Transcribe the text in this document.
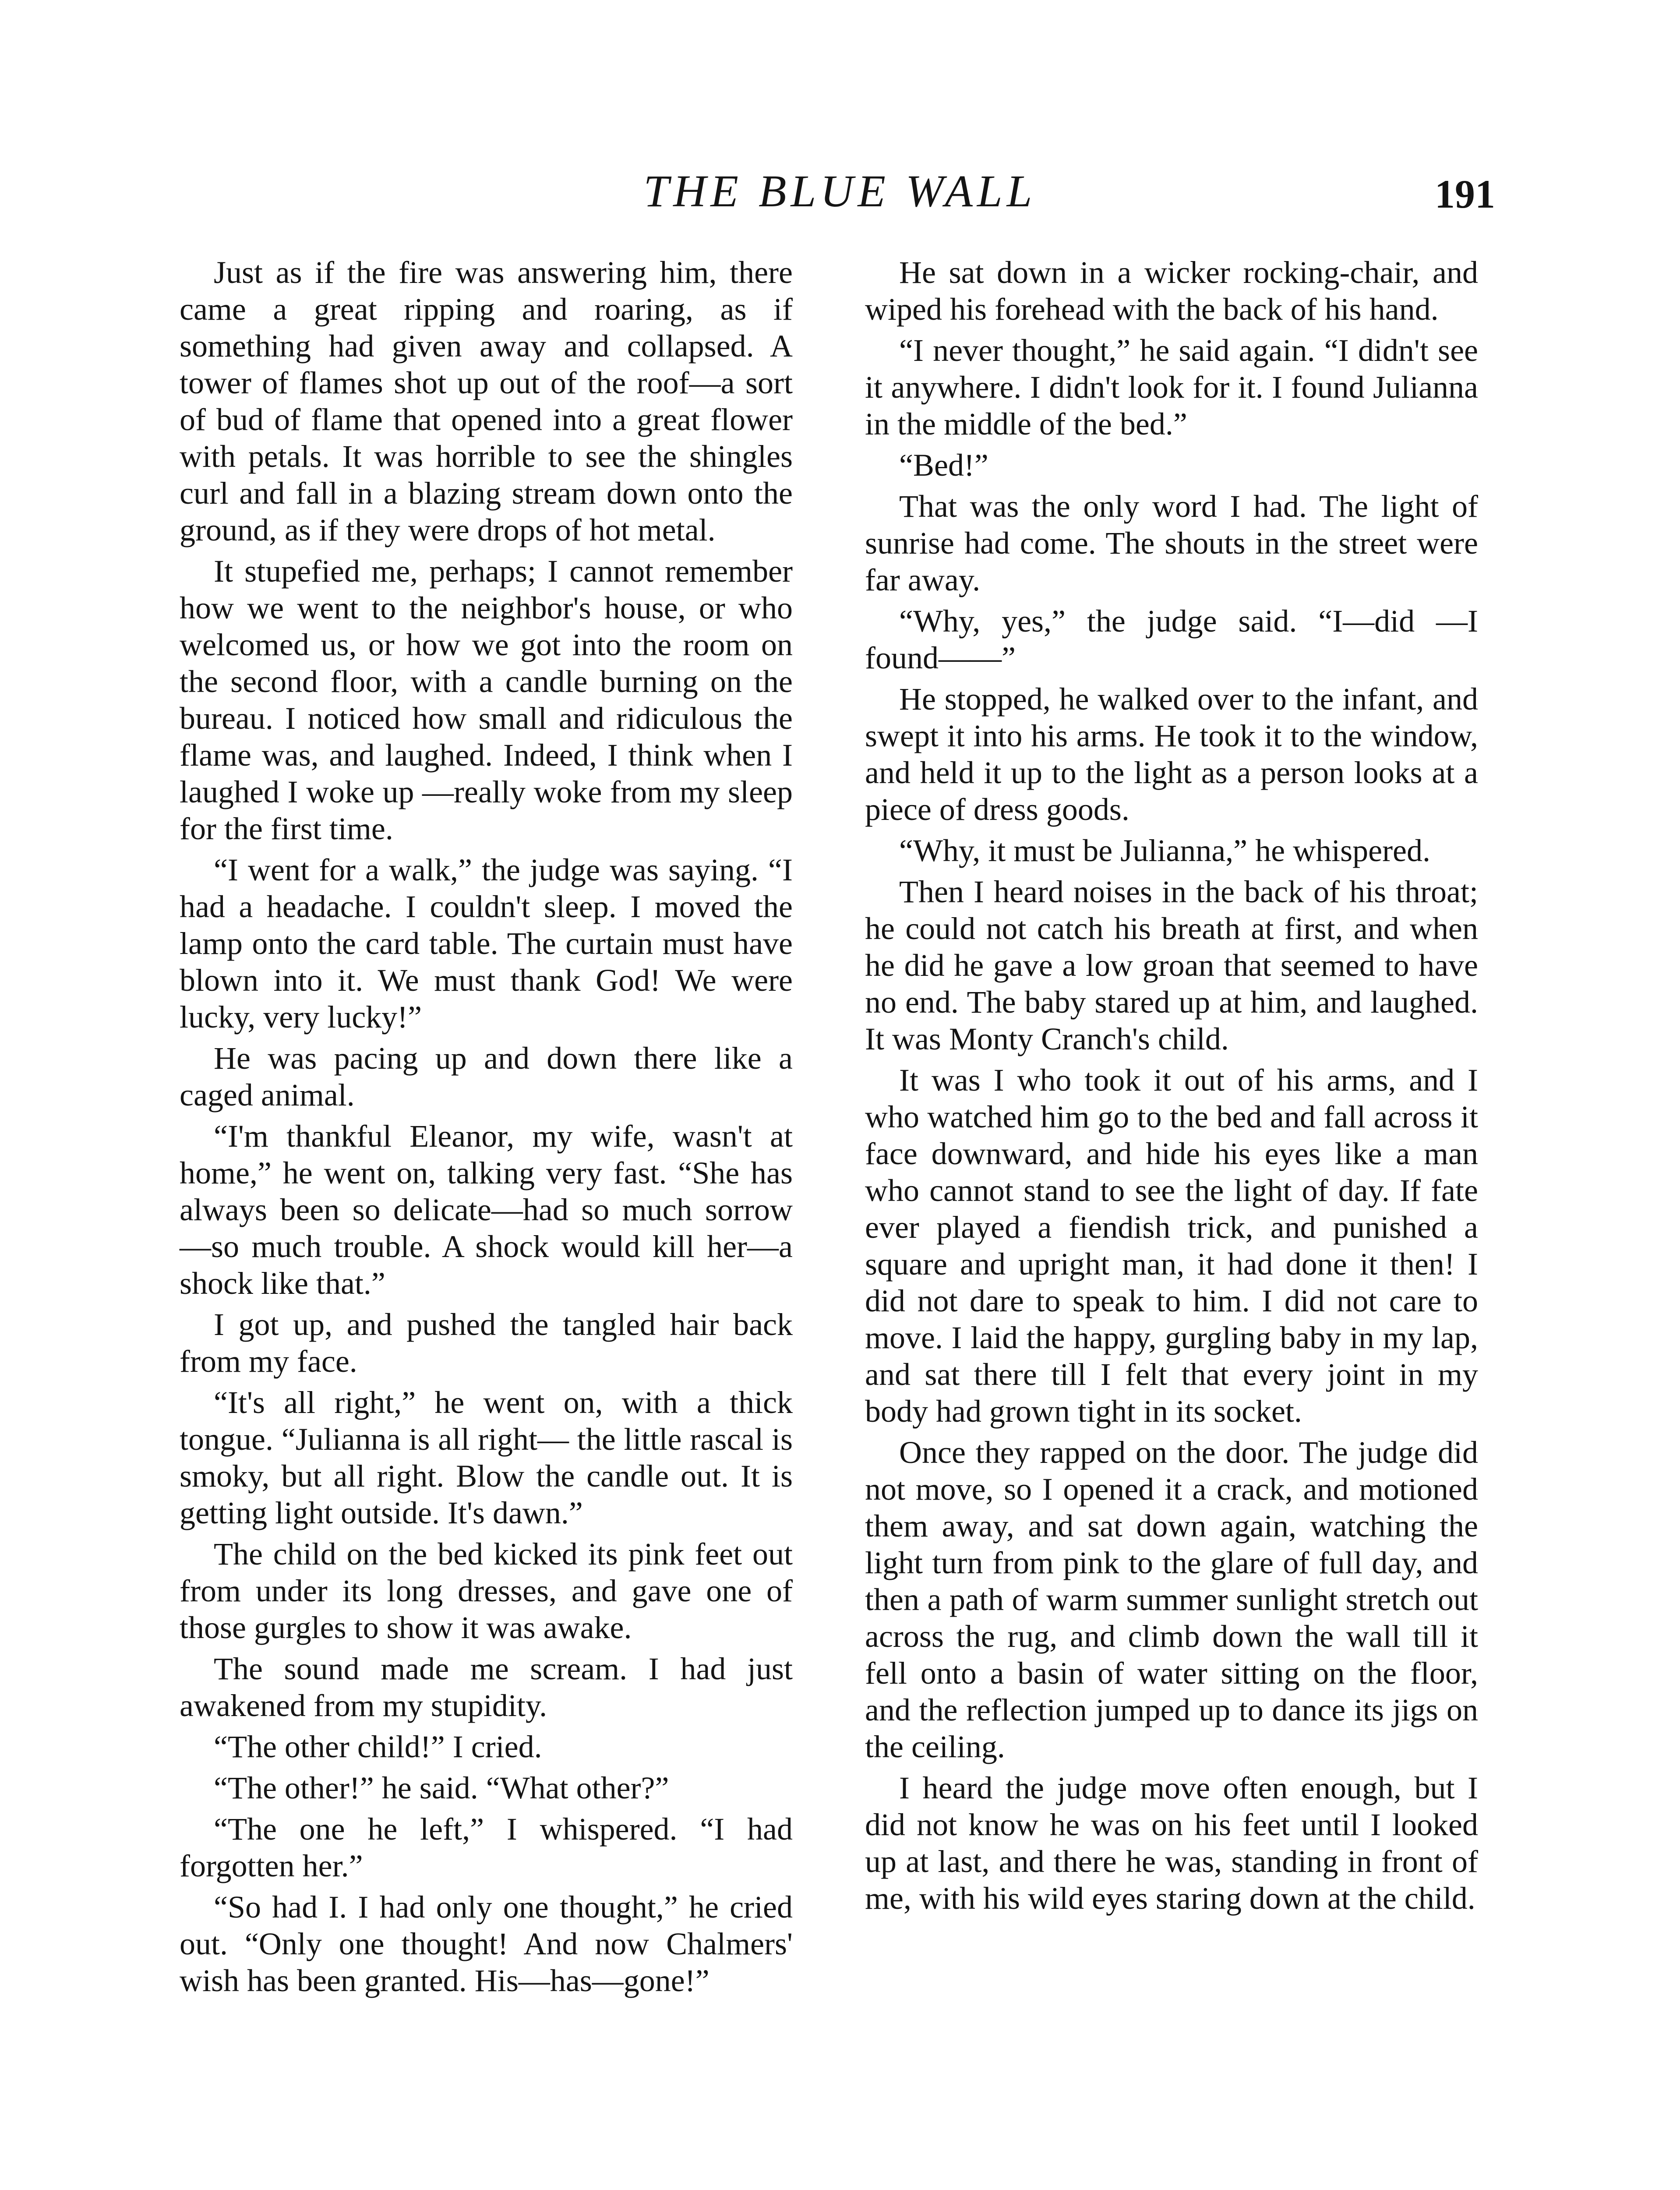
THE BLUE WALL	191

Just as if the fire was answering him, there came a great ripping and roaring, as if something had given away and collapsed. A tower of flames shot up out of the roof—a sort of bud of flame that opened into a great flower with petals. It was horrible to see the shingles curl and fall in a blazing stream down onto the ground, as if they were drops of hot metal.

It stupefied me, perhaps; I cannot remember how we went to the neighbor's house, or who welcomed us, or how we got into the room on the second floor, with a candle burning on the bureau. I noticed how small and ridiculous the flame was, and laughed. Indeed, I think when I laughed I woke up —really woke from my sleep for the first time.

“I went for a walk,” the judge was saying. “I had a headache. I couldn't sleep. I moved the lamp onto the card table. The curtain must have blown into it. We must thank God! We were lucky, very lucky!”

He was pacing up and down there like a caged animal.

“I'm thankful Eleanor, my wife, wasn't at home,” he went on, talking very fast. “She has always been so delicate—had so much sorrow—so much trouble. A shock would kill her—a shock like that.”

I got up, and pushed the tangled hair back from my face.

“It's all right,” he went on, with a thick tongue. “Julianna is all right— the little rascal is smoky, but all right. Blow the candle out. It is getting light outside. It's dawn.”

The child on the bed kicked its pink feet out from under its long dresses, and gave one of those gurgles to show it was awake.

The sound made me scream. I had just awakened from my stupidity.

“The other child!” I cried.

“The other!” he said. “What other?”

“The one he left,” I whispered. “I had forgotten her.”

“So had I. I had only one thought,” he cried out. “Only one thought! And now Chalmers' wish has been granted. His—has—gone!”

He sat down in a wicker rocking-chair, and wiped his forehead with the back of his hand.

“I never thought,” he said again. “I didn't see it anywhere. I didn't look for it. I found Julianna in the middle of the bed.”

“Bed!”

That was the only word I had. The light of sunrise had come. The shouts in the street were far away.

“Why, yes,” the judge said. “I—did —I found——”

He stopped, he walked over to the infant, and swept it into his arms. He took it to the window, and held it up to the light as a person looks at a piece of dress goods.

“Why, it must be Julianna,” he whispered.

Then I heard noises in the back of his throat; he could not catch his breath at first, and when he did he gave a low groan that seemed to have no end. The baby stared up at him, and laughed. It was Monty Cranch's child.

It was I who took it out of his arms, and I who watched him go to the bed and fall across it face downward, and hide his eyes like a man who cannot stand to see the light of day. If fate ever played a fiendish trick, and punished a square and upright man, it had done it then! I did not dare to speak to him. I did not care to move. I laid the happy, gurgling baby in my lap, and sat there till I felt that every joint in my body had grown tight in its socket.

Once they rapped on the door. The judge did not move, so I opened it a crack, and motioned them away, and sat down again, watching the light turn from pink to the glare of full day, and then a path of warm summer sunlight stretch out across the rug, and climb down the wall till it fell onto a basin of water sitting on the floor, and the reflection jumped up to dance its jigs on the ceiling.

I heard the judge move often enough, but I did not know he was on his feet until I looked up at last, and there he was, standing in front of me, with his wild eyes staring down at the child.
